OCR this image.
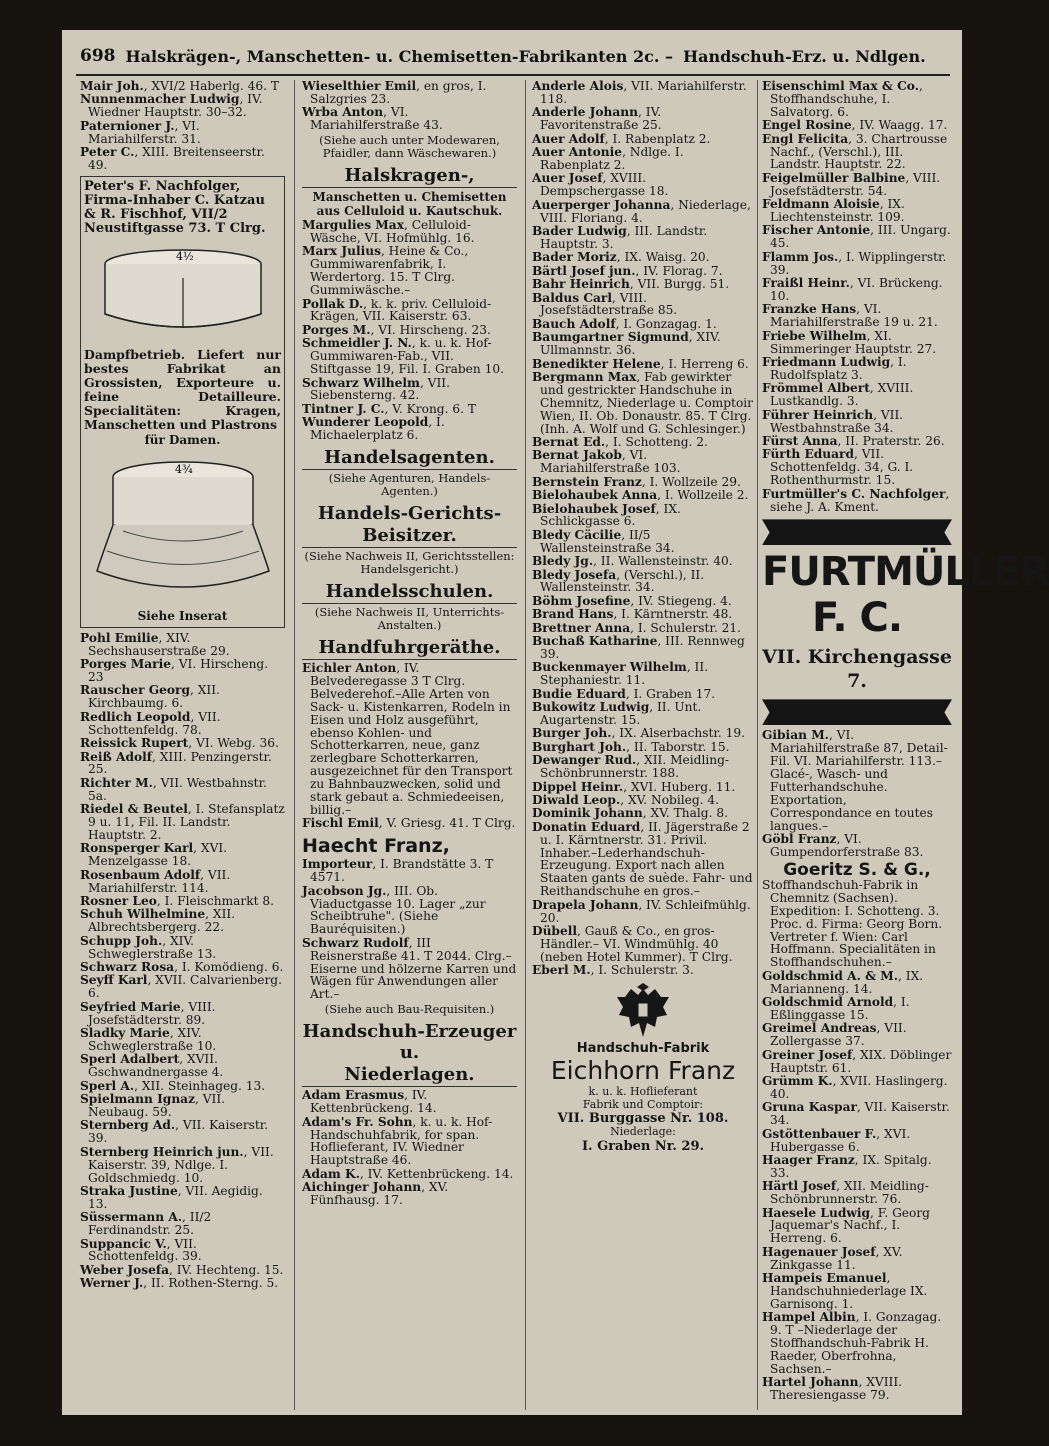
698 Halskrägen-, Manschetten- u. Chemisetten-Fabrikanten 2c. – Handschuh-Erz. u. Ndlgen.
Mair Joh., XVI/2 Haberlg. 46. T
Nunnenmacher Ludwig, IV. Wiedner Hauptstr. 30–32.
Paternioner J., VI. Mariahilferstr. 31.
Peter C., XIII. Breitenseerstr. 49.
Peter's F. Nachfolger, Firma-Inhaber C. Katzau & R. Fischhof, VII/2 Neustiftgasse 73. T Clrg.
4½
Dampfbetrieb. Liefert nur bestes Fabrikat an Grossisten, Exporteure u. feine Detailleure. Specialitäten: Kragen, Manschetten und Plastrons
für Damen.
4¾
Siehe Inserat
Pohl Emilie, XIV. Sechshauserstraße 29.
Porges Marie, VI. Hirscheng. 23
Rauscher Georg, XII. Kirchbaumg. 6.
Redlich Leopold, VII. Schottenfeldg. 78.
Reissick Rupert, VI. Webg. 36.
Reiß Adolf, XIII. Penzingerstr. 25.
Richter M., VII. Westbahnstr. 5a.
Riedel & Beutel, I. Stefansplatz 9 u. 11, Fil. II. Landstr. Hauptstr. 2.
Ronsperger Karl, XVI. Menzelgasse 18.
Rosenbaum Adolf, VII. Mariahilferstr. 114.
Rosner Leo, I. Fleischmarkt 8.
Schuh Wilhelmine, XII. Albrechtsbergerg. 22.
Schupp Joh., XIV. Schweglerstraße 13.
Schwarz Rosa, I. Komödieng. 6.
Seyff Karl, XVII. Calvarienberg. 6.
Seyfried Marie, VIII. Josefstädterstr. 89.
Sladky Marie, XIV. Schweglerstraße 10.
Sperl Adalbert, XVII. Gschwandnergasse 4.
Sperl A., XII. Steinhageg. 13.
Spielmann Ignaz, VII. Neubaug. 59.
Sternberg Ad., VII. Kaiserstr. 39.
Sternberg Heinrich jun., VII. Kaiserstr. 39, Ndlge. I. Goldschmiedg. 10.
Straka Justine, VII. Aegidig. 13.
Süssermann A., II/2 Ferdinandstr. 25.
Suppancic V., VII. Schottenfeldg. 39.
Weber Josefa, IV. Hechteng. 15.
Werner J., II. Rothen-Sterng. 5.
Wieselthier Emil, en gros, I. Salzgries 23.
Wrba Anton, VI. Mariahilferstraße 43.
(Siehe auch unter Modewaren, Pfaidler, dann Wäschewaren.)
Halskragen-,
Manschetten u. Chemisetten aus Celluloid u. Kautschuk.
Margulies Max, Celluloid-Wäsche, VI. Hofmühlg. 16.
Marx Julius, Heine & Co., Gummiwarenfabrik, I. Werdertorg. 15. T Clrg. Gummiwäsche.–
Pollak D., k. k. priv. Celluloid-Krägen, VII. Kaiserstr. 63.
Porges M., VI. Hirscheng. 23.
Schmeidler J. N., k. u. k. Hof-Gummiwaren-Fab., VII. Stiftgasse 19, Fil. I. Graben 10.
Schwarz Wilhelm, VII. Siebensterng. 42.
Tintner J. C., V. Krong. 6. T
Wunderer Leopold, I. Michaelerplatz 6.
Handelsagenten.
(Siehe Agenturen, Handels-Agenten.)
Handels-Gerichts-
Beisitzer.
(Siehe Nachweis II, Gerichtsstellen: Handelsgericht.)
Handelsschulen.
(Siehe Nachweis II, Unterrichts-Anstalten.)
Handfuhrgeräthe.
Eichler Anton, IV. Belvederegasse 3 T Clrg. Belvederehof.–Alle Arten von Sack- u. Kistenkarren, Rodeln in Eisen und Holz ausgeführt, ebenso Kohlen- und Schotterkarren, neue, ganz zerlegbare Schotterkarren, ausgezeichnet für den Transport zu Bahnbauzwecken, solid und stark gebaut a. Schmiedeeisen, billig.–
Fischl Emil, V. Griesg. 41. T Clrg.
Haecht Franz,
Importeur, I. Brandstätte 3. T 4571.
Jacobson Jg., III. Ob. Viaductgasse 10. Lager „zur Scheibtruhe". (Siehe Bauréquisiten.)
Schwarz Rudolf, III Reisnerstraße 41. T 2044. Clrg.–Eiserne und hölzerne Karren und Wägen für Anwendungen aller Art.–
(Siehe auch Bau-Requisiten.)
Handschuh-Erzeuger u.
Niederlagen.
Adam Erasmus, IV. Kettenbrückeng. 14.
Adam's Fr. Sohn, k. u. k. Hof-Handschuhfabrik, for span. Hoflieferant, IV. Wiedner Hauptstraße 46.
Adam K., IV. Kettenbrückeng. 14.
Aichinger Johann, XV. Fünfhausg. 17.
Anderle Alois, VII. Mariahilferstr. 118.
Anderle Johann, IV. Favoritenstraße 25.
Auer Adolf, I. Rabenplatz 2.
Auer Antonie, Ndlge. I. Rabenplatz 2.
Auer Josef, XVIII. Dempschergasse 18.
Auerperger Johanna, Niederlage, VIII. Floriang. 4.
Bader Ludwig, III. Landstr. Hauptstr. 3.
Bader Moriz, IX. Waisg. 20.
Bärtl Josef jun., IV. Florag. 7.
Bahr Heinrich, VII. Burgg. 51.
Baldus Carl, VIII. Josefstädterstraße 85.
Bauch Adolf, I. Gonzagag. 1.
Baumgartner Sigmund, XIV. Ullmannstr. 36.
Benedikter Helene, I. Herreng 6.
Bergmann Max, Fab gewirkter und gestrickter Handschuhe in Chemnitz, Niederlage u. Comptoir Wien, II. Ob. Donaustr. 85. T Clrg. (Inh. A. Wolf und G. Schlesinger.)
Bernat Ed., I. Schotteng. 2.
Bernat Jakob, VI. Mariahilferstraße 103.
Bernstein Franz, I. Wollzeile 29.
Bielohaubek Anna, I. Wollzeile 2.
Bielohaubek Josef, IX. Schlickgasse 6.
Bledy Cäcilie, II/5 Wallensteinstraße 34.
Bledy Jg., II. Wallensteinstr. 40.
Bledy Josefa, (Verschl.), II. Wallensteinstr. 34.
Böhm Josefine, IV. Stiegeng. 4.
Brand Hans, I. Kärntnerstr. 48.
Brettner Anna, I. Schulerstr. 21.
Buchaß Katharine, III. Rennweg 39.
Buckenmayer Wilhelm, II. Stephaniestr. 11.
Budie Eduard, I. Graben 17.
Bukowitz Ludwig, II. Unt. Augartenstr. 15.
Burger Joh., IX. Alserbachstr. 19.
Burghart Joh., II. Taborstr. 15.
Dewanger Rud., XII. Meidling-Schönbrunnerstr. 188.
Dippel Heinr., XVI. Huberg. 11.
Diwald Leop., XV. Nobileg. 4.
Dominik Johann, XV. Thalg. 8.
Donatin Eduard, II. Jägerstraße 2 u. I. Kärntnerstr. 31. Privil. Inhaber.–Lederhandschuh-Erzeugung. Export nach allen Staaten gants de suède. Fahr- und Reithandschuhe en gros.–
Drapela Johann, IV. Schleifmühlg. 20.
Dübell, Gauß & Co., en gros-Händler.– VI. Windmühlg. 40 (neben Hotel Kummer). T Clrg.
Eberl M., I. Schulerstr. 3.
Handschuh-Fabrik
Eichhorn Franz
k. u. k. Hoflieferant
Fabrik und Comptoir:
VII. Burggasse Nr. 108.
Niederlage:
I. Graben Nr. 29.
Eisenschiml Max & Co., Stoffhandschuhe, I. Salvatorg. 6.
Engel Rosine, IV. Waagg. 17.
Engl Felicita, 3. Chartrousse Nachf., (Verschl.), III. Landstr. Hauptstr. 22.
Feigelmüller Balbine, VIII. Josefstädterstr. 54.
Feldmann Aloisie, IX. Liechtensteinstr. 109.
Fischer Antonie, III. Ungarg. 45.
Flamm Jos., I. Wipplingerstr. 39.
Fraißl Heinr., VI. Brückeng. 10.
Franzke Hans, VI. Mariahilferstraße 19 u. 21.
Friebe Wilhelm, XI. Simmeringer Hauptstr. 27.
Friedmann Ludwig, I. Rudolfsplatz 3.
Frömmel Albert, XVIII. Lustkandlg. 3.
Führer Heinrich, VII. Westbahnstraße 34.
Fürst Anna, II. Praterstr. 26.
Fürth Eduard, VII. Schottenfeldg. 34, G. I. Rothenthurmstr. 15.
Furtmüller's C. Nachfolger, siehe J. A. Kment.
FURTMÜLLER F. C.
VII. Kirchengasse 7.
Gibian M., VI. Mariahilferstraße 87, Detail-Fil. VI. Mariahilferstr. 113.–Glacé-, Wasch- und Futterhandschuhe. Exportation, Correspondance en toutes langues.–
Göbl Franz, VI. Gumpendorferstraße 83.
Goeritz S. & G.,
Stoffhandschuh-Fabrik in Chemnitz (Sachsen). Expedition: I. Schotteng. 3. Proc. d. Firma: Georg Born. Vertreter f. Wien: Carl Hoffmann. Specialitäten in Stoffhandschuhen.–
Goldschmid A. & M., IX. Marianneng. 14.
Goldschmid Arnold, I. Eßlinggasse 15.
Greimel Andreas, VII. Zollergasse 37.
Greiner Josef, XIX. Döblinger Hauptstr. 61.
Grümm K., XVII. Haslingerg. 40.
Gruna Kaspar, VII. Kaiserstr. 34.
Gstöttenbauer F., XVI. Hubergasse 6.
Haager Franz, IX. Spitalg. 33.
Härtl Josef, XII. Meidling-Schönbrunnerstr. 76.
Haesele Ludwig, F. Georg Jaquemar's Nachf., I. Herreng. 6.
Hagenauer Josef, XV. Zinkgasse 11.
Hampeis Emanuel, Handschuhniederlage IX. Garnisong. 1.
Hampel Albin, I. Gonzagag. 9. T –Niederlage der Stoffhandschuh-Fabrik H. Raeder, Oberfrohna, Sachsen.–
Hartel Johann, XVIII. Theresiengasse 79.
